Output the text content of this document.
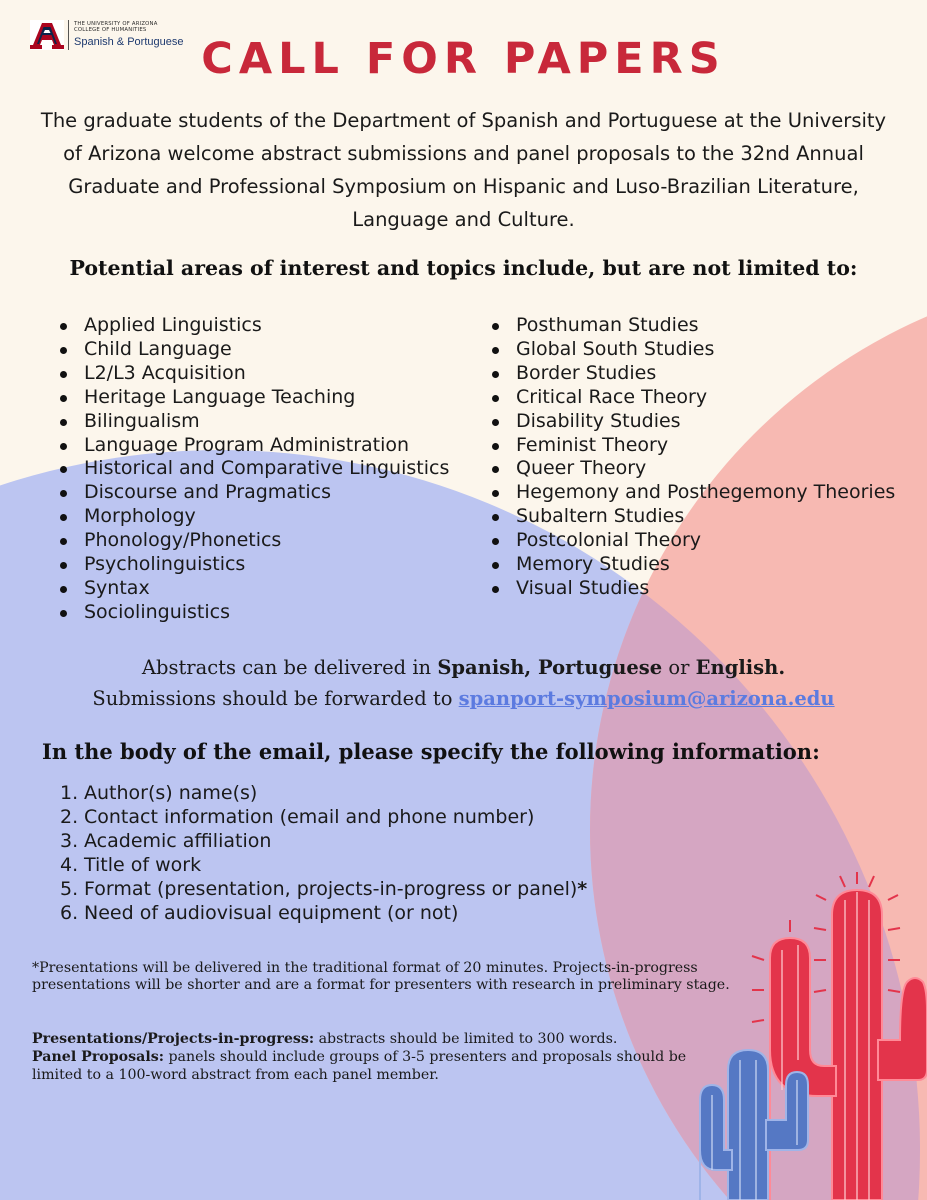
THE UNIVERSITY OF ARIZONA
COLLEGE OF HUMANITIES
Spanish & Portuguese CALL FOR PAPERS
The graduate students of the Department of Spanish and Portuguese at the University of Arizona welcome abstract submissions and panel proposals to the 32nd Annual Graduate and Professional Symposium on Hispanic and Luso-Brazilian Literature, Language and Culture.
Potential areas of interest and topics include, but are not limited to:
Applied Linguistics
Child Language
L2/L3 Acquisition
Heritage Language Teaching
Bilingualism
Language Program Administration
Historical and Comparative Linguistics
Discourse and Pragmatics
Morphology
Phonology/Phonetics
Psycholinguistics
Syntax
Sociolinguistics
Posthuman Studies
Global South Studies
Border Studies
Critical Race Theory
Disability Studies
Feminist Theory
Queer Theory
Hegemony and Posthegemony Theories
Subaltern Studies
Postcolonial Theory
Memory Studies
Visual Studies
Abstracts can be delivered in Spanish, Portuguese or English.
Submissions should be forwarded to spanport-symposium@arizona.edu
In the body of the email, please specify the following information:
1. Author(s) name(s)
2. Contact information (email and phone number)
3. Academic affiliation
4. Title of work
5. Format (presentation, projects-in-progress or panel)*
6. Need of audiovisual equipment (or not)
*Presentations will be delivered in the traditional format of 20 minutes. Projects-in-progress presentations will be shorter and are a format for presenters with research in preliminary stage.
Presentations/Projects-in-progress: abstracts should be limited to 300 words.
Panel Proposals: panels should include groups of 3-5 presenters and proposals should be limited to a 100-word abstract from each panel member.
